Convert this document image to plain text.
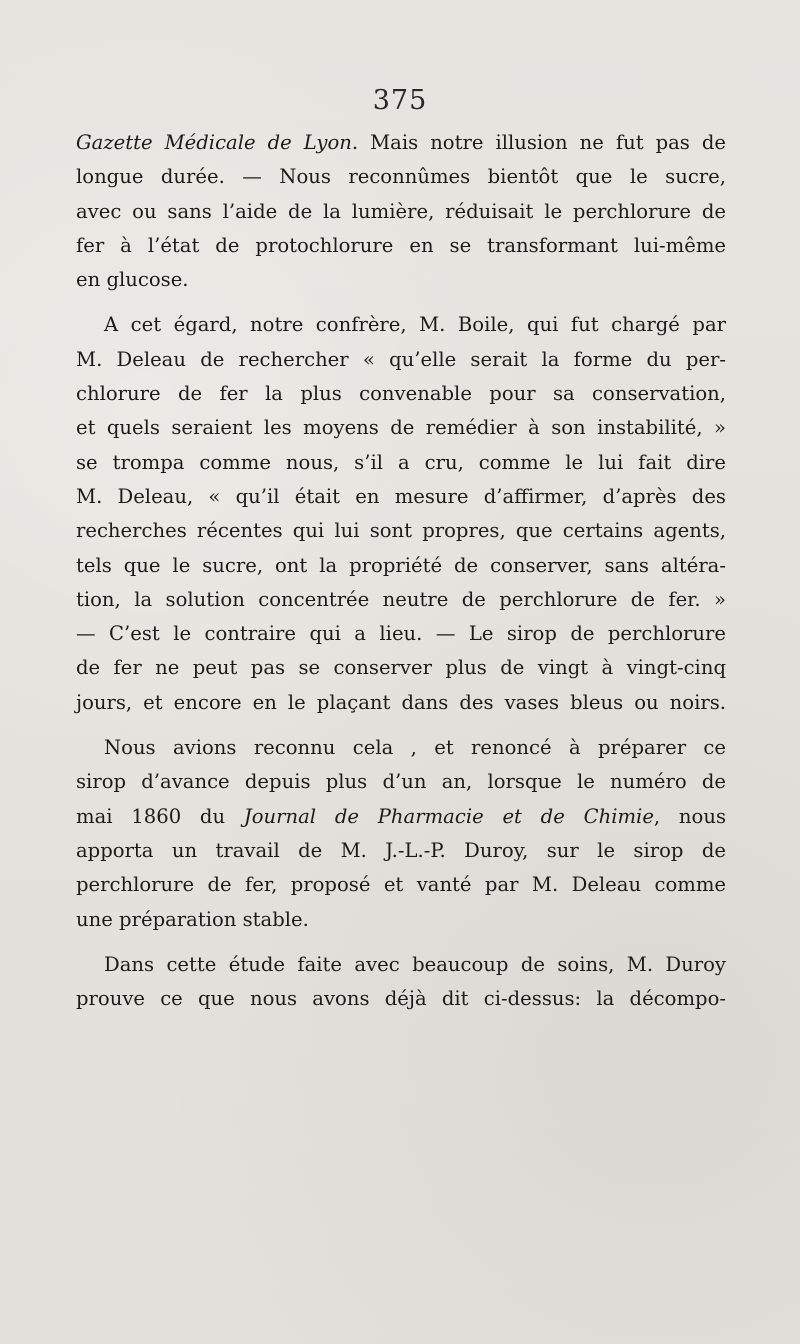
375
Gazette Médicale de Lyon. Mais notre illusion ne fut pas de
longue durée. — Nous reconnûmes bientôt que le sucre,
avec ou sans l’aide de la lumière, réduisait le perchlorure de
fer à l’état de protochlorure en se transformant lui-même
en glucose.
A cet égard, notre confrère, M. Boile, qui fut chargé par
M. Deleau de rechercher « qu’elle serait la forme du per-
chlorure de fer la plus convenable pour sa conservation,
et quels seraient les moyens de remédier à son instabilité, »
se trompa comme nous, s’il a cru, comme le lui fait dire
M. Deleau, « qu’il était en mesure d’affirmer, d’après des
recherches récentes qui lui sont propres, que certains agents,
tels que le sucre, ont la propriété de conserver, sans altéra-
tion, la solution concentrée neutre de perchlorure de fer. »
— C’est le contraire qui a lieu. — Le sirop de perchlorure
de fer ne peut pas se conserver plus de vingt à vingt-cinq
jours, et encore en le plaçant dans des vases bleus ou noirs.
Nous avions reconnu cela , et renoncé à préparer ce
sirop d’avance depuis plus d’un an, lorsque le numéro de
mai 1860 du Journal de Pharmacie et de Chimie, nous
apporta un travail de M. J.-L.-P. Duroy, sur le sirop de
perchlorure de fer, proposé et vanté par M. Deleau comme
une préparation stable.
Dans cette étude faite avec beaucoup de soins, M. Duroy
prouve ce que nous avons déjà dit ci-dessus: la décompo-
